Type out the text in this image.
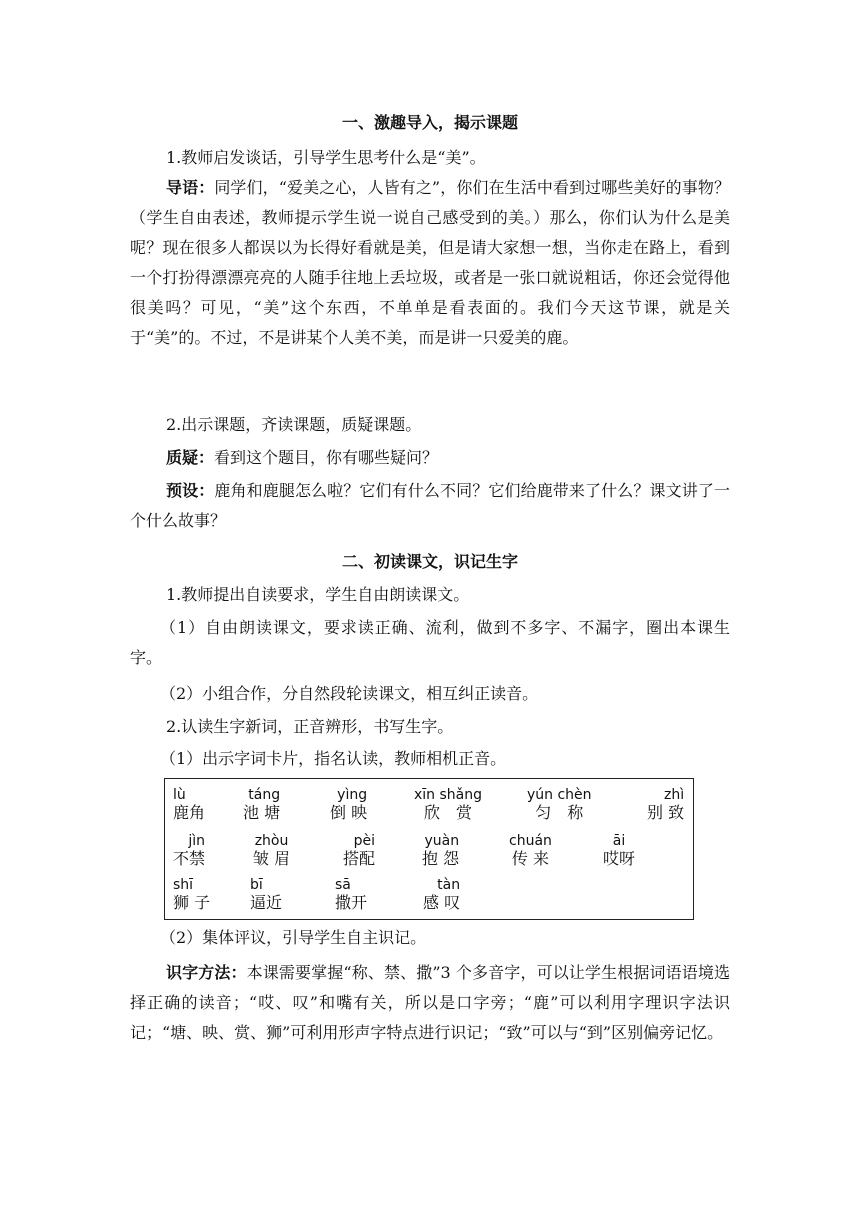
一、激趣导入，揭示课题

1.教师启发谈话，引导学生思考什么是“美”。

导语：同学们，“爱美之心，人皆有之”，你们在生活中看到过哪些美好的事物？（学生自由表述，教师提示学生说一说自己感受到的美。）那么，你们认为什么是美呢？现在很多人都误以为长得好看就是美，但是请大家想一想，当你走在路上，看到一个打扮得漂漂亮亮的人随手往地上丢垃圾，或者是一张口就说粗话，你还会觉得他很美吗？可见，“美”这个东西，不单单是看表面的。我们今天这节课，就是关于“美”的。不过，不是讲某个人美不美，而是讲一只爱美的鹿。

2.出示课题，齐读课题，质疑课题。

质疑：看到这个题目，你有哪些疑问？

预设：鹿角和鹿腿怎么啦？它们有什么不同？它们给鹿带来了什么？课文讲了一个什么故事？

二、初读课文，识记生字

1.教师提出自读要求，学生自由朗读课文。

（1）自由朗读课文，要求读正确、流利，做到不多字、不漏字，圈出本课生字。

（2）小组合作，分自然段轮读课文，相互纠正读音。

2.认读生字新词，正音辨形，书写生字。

（1）出示字词卡片，指名认读，教师相机正音。

lù
鹿角
táng
池 塘
yìng
倒 映
xīn shǎng
欣　赏
yún chèn
匀　称
zhì
别 致
jìn
不禁
zhòu
皱 眉
pèi
搭配
yuàn
抱 怨
chuán
传 来
āi
哎呀
shī
狮 子
bī
逼近
sā
撒开
tàn
感 叹

（2）集体评议，引导学生自主识记。

识字方法：本课需要掌握“称、禁、撒”3 个多音字，可以让学生根据词语语境选择正确的读音；“哎、叹”和嘴有关，所以是口字旁；“鹿”可以利用字理识字法识记；“塘、映、赏、狮”可利用形声字特点进行识记；“致”可以与“到”区别偏旁记忆。
